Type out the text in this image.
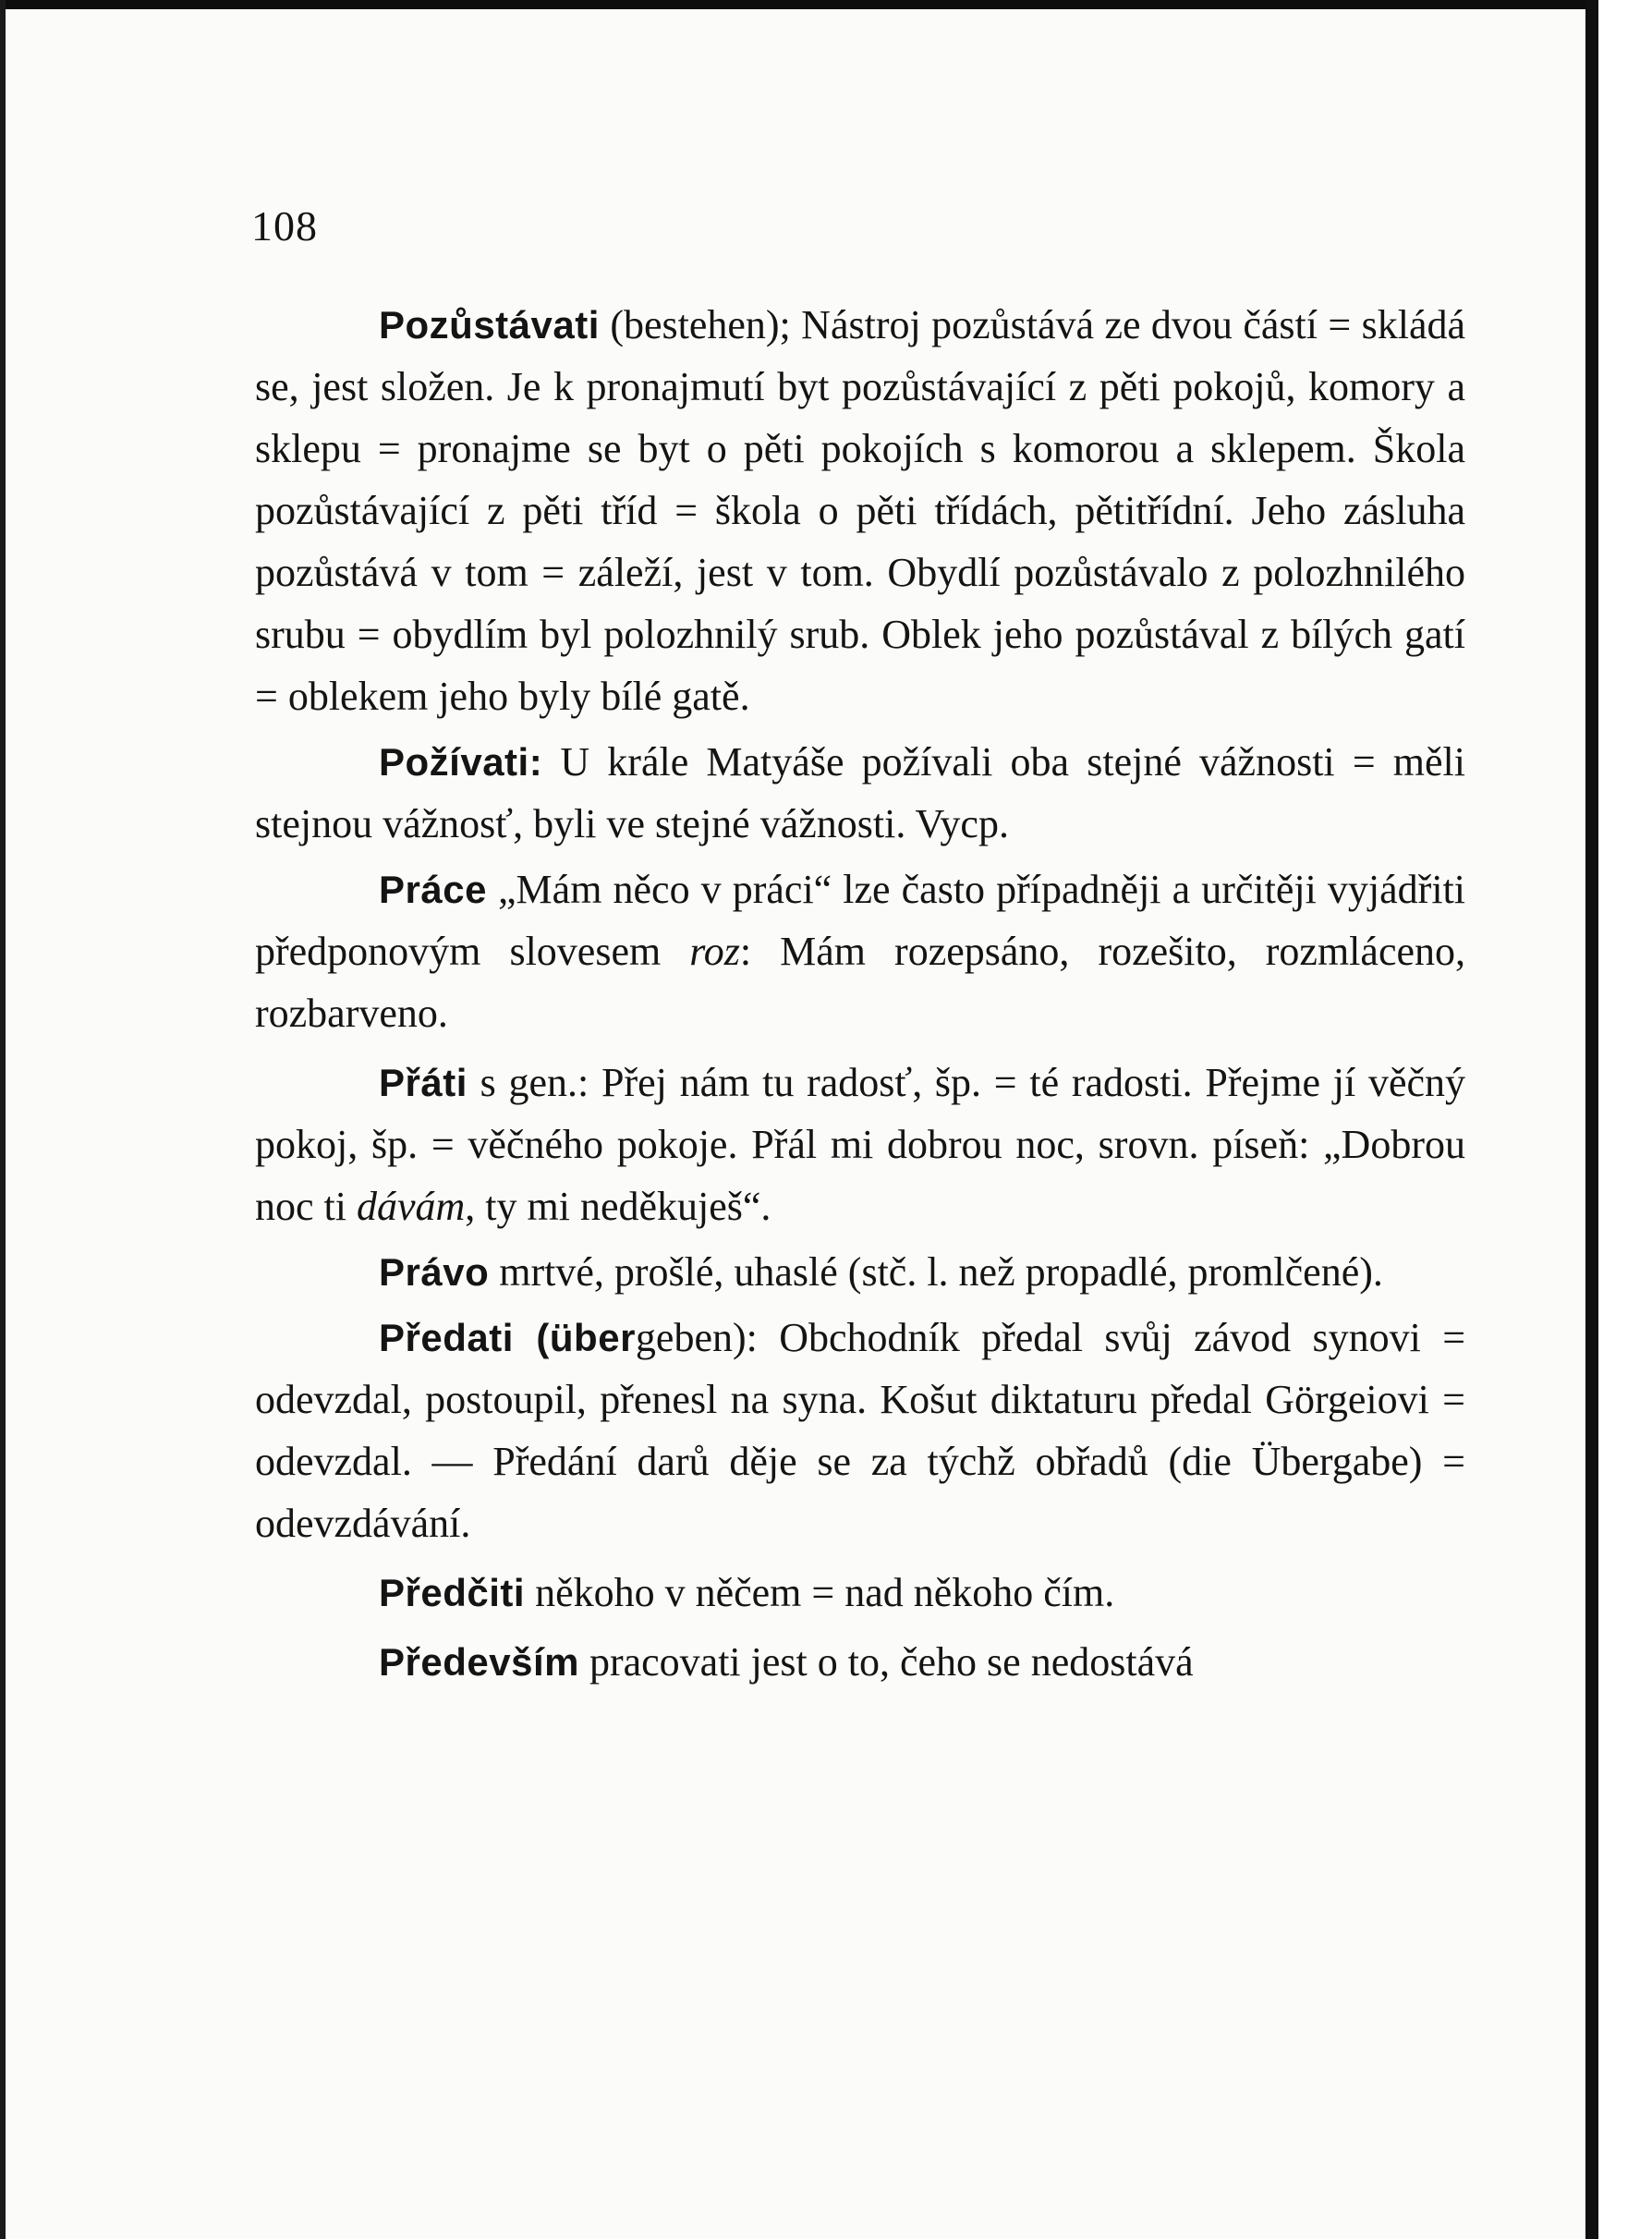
108

Pozůstávati (bestehen); Nástroj pozůstává ze dvou částí = skládá se, jest složen. Je k pronajmutí byt pozůstávající z pěti pokojů, komory a sklepu = pronajme se byt o pěti pokojích s komorou a sklepem. Škola pozůstávající z pěti tříd = škola o pěti třídách, pětitřídní. Jeho zásluha pozůstává v tom = záleží, jest v tom. Obydlí pozůstávalo z polozhnilého srubu = obydlím byl polozhnilý srub. Oblek jeho pozůstával z bílých gatí = oblekem jeho byly bílé gatě.

Požívati: U krále Matyáše požívali oba stejné vážnosti = měli stejnou vážnosť, byli ve stejné vážnosti. Vycp.

Práce „Mám něco v práci“ lze často případněji a určitěji vyjádřiti předponovým slovesem roz: Mám rozepsáno, rozešito, rozmláceno, rozbarveno.

Přáti s gen.: Přej nám tu radosť, šp. = té radosti. Přejme jí věčný pokoj, šp. = věčného pokoje. Přál mi dobrou noc, srovn. píseň: „Dobrou noc ti dávám, ty mi neděkuješ“.

Právo mrtvé, prošlé, uhaslé (stč. l. než propadlé, promlčené).

Předati (übergeben): Obchodník předal svůj závod synovi = odevzdal, postoupil, přenesl na syna. Košut diktaturu předal Görgeiovi = odevzdal. — Předání darů děje se za týchž obřadů (die Übergabe) = odevzdávání.

Předčiti někoho v něčem = nad někoho čím.

Především pracovati jest o to, čeho se nedostává
